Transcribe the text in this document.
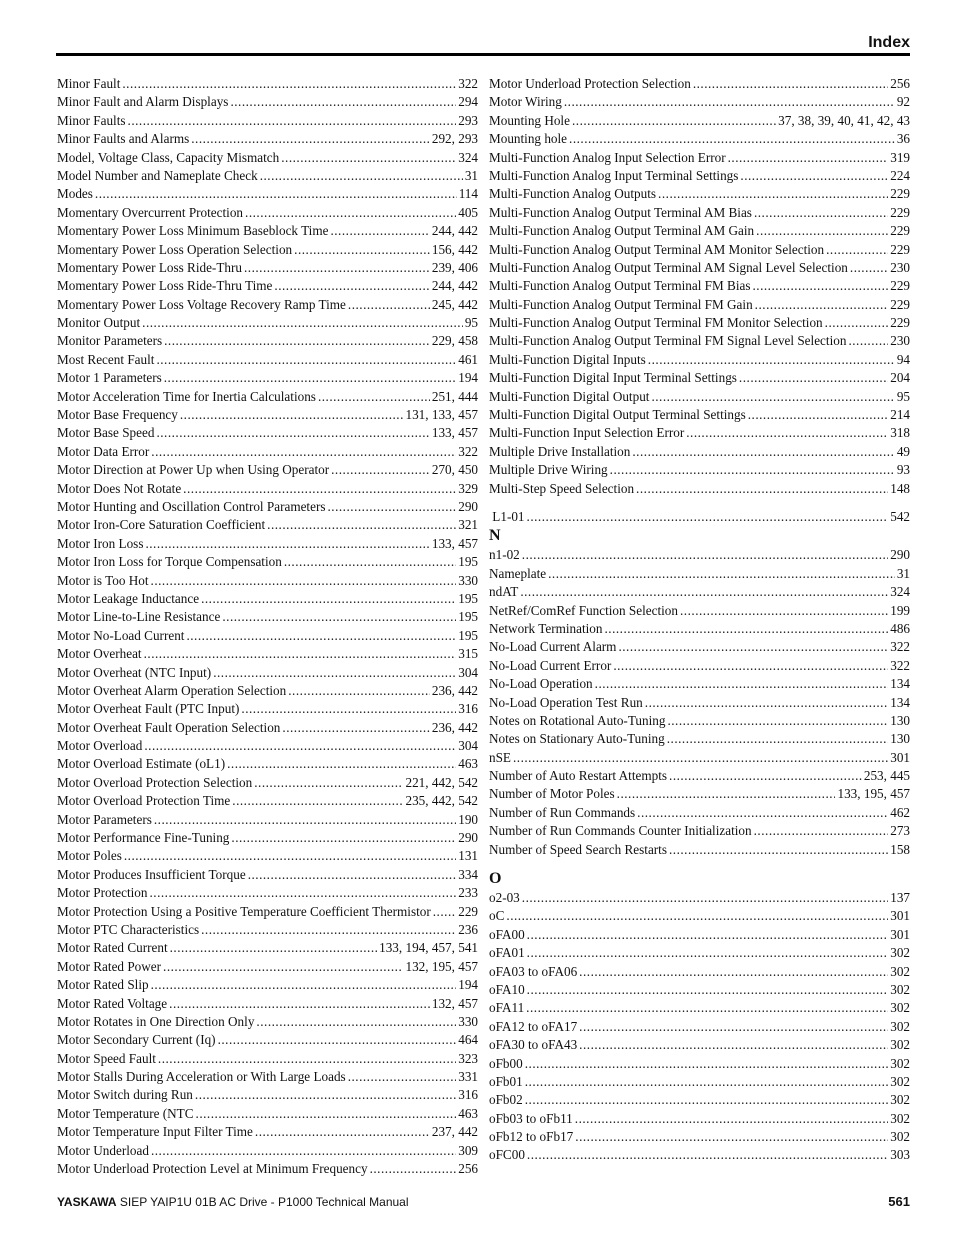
Index
Minor Fault .....	322
Minor Fault and Alarm Displays .....	294
Minor Faults .....	293
Minor Faults and Alarms .....	292, 293
Model, Voltage Class, Capacity Mismatch .....	324
Model Number and Nameplate Check .....	31
Modes .....	114
Momentary Overcurrent Protection .....	405
Momentary Power Loss Minimum Baseblock Time .....	244, 442
Momentary Power Loss Operation Selection .....	156, 442
Momentary Power Loss Ride-Thru .....	239, 406
Momentary Power Loss Ride-Thru Time .....	244, 442
Momentary Power Loss Voltage Recovery Ramp Time .....	245, 442
Monitor Output .....	95
Monitor Parameters .....	229, 458
Most Recent Fault .....	461
Motor 1 Parameters .....	194
Motor Acceleration Time for Inertia Calculations .....	251, 444
Motor Base Frequency .....	131, 133, 457
Motor Base Speed .....	133, 457
Motor Data Error .....	322
Motor Direction at Power Up when Using Operator .....	270, 450
Motor Does Not Rotate .....	329
Motor Hunting and Oscillation Control Parameters .....	290
Motor Iron-Core Saturation Coefficient .....	321
Motor Iron Loss .....	133, 457
Motor Iron Loss for Torque Compensation .....	195
Motor is Too Hot .....	330
Motor Leakage Inductance .....	195
Motor Line-to-Line Resistance .....	195
Motor No-Load Current .....	195
Motor Overheat .....	315
Motor Overheat (NTC Input) .....	304
Motor Overheat Alarm Operation Selection .....	236, 442
Motor Overheat Fault (PTC Input) .....	316
Motor Overheat Fault Operation Selection .....	236, 442
Motor Overload .....	304
Motor Overload Estimate (oL1) .....	463
Motor Overload Protection Selection .....	221, 442, 542
Motor Overload Protection Time .....	235, 442, 542
Motor Parameters .....	190
Motor Performance Fine-Tuning .....	290
Motor Poles .....	131
Motor Produces Insufficient Torque .....	334
Motor Protection .....	233
Motor Protection Using a Positive Temperature Coefficient Thermistor ..... 229
Motor PTC Characteristics .....	236
Motor Rated Current .....	133, 194, 457, 541
Motor Rated Power .....	132, 195, 457
Motor Rated Slip .....	194
Motor Rated Voltage .....	132, 457
Motor Rotates in One Direction Only .....	330
Motor Secondary Current (Iq) .....	464
Motor Speed Fault .....	323
Motor Stalls During Acceleration or With Large Loads .....	331
Motor Switch during Run .....	316
Motor Temperature (NTC .....	463
Motor Temperature Input Filter Time .....	237, 442
Motor Underload .....	309
Motor Underload Protection Level at Minimum Frequency .....	256
Motor Underload Protection Selection .....	256
Motor Wiring .....	92
Mounting Hole .....	37, 38, 39, 40, 41, 42, 43
Mounting hole .....	36
Multi-Function Analog Input Selection Error .....	319
Multi-Function Analog Input Terminal Settings .....	224
Multi-Function Analog Outputs .....	229
Multi-Function Analog Output Terminal AM Bias .....	229
Multi-Function Analog Output Terminal AM Gain .....	229
Multi-Function Analog Output Terminal AM Monitor Selection .....	229
Multi-Function Analog Output Terminal AM Signal Level Selection .....	230
Multi-Function Analog Output Terminal FM Bias .....	229
Multi-Function Analog Output Terminal FM Gain .....	229
Multi-Function Analog Output Terminal FM Monitor Selection .....	229
Multi-Function Analog Output Terminal FM Signal Level Selection .....	230
Multi-Function Digital Inputs .....	94
Multi-Function Digital Input Terminal Settings .....	204
Multi-Function Digital Output .....	95
Multi-Function Digital Output Terminal Settings .....	214
Multi-Function Input Selection Error .....	318
Multiple Drive Installation .....	49
Multiple Drive Wiring .....	93
Multi-Step Speed Selection .....	148
L1-01 .....	542
N
n1-02 .....	290
Nameplate .....	31
ndAT .....	324
NetRef/ComRef Function Selection .....	199
Network Termination .....	486
No-Load Current Alarm .....	322
No-Load Current Error .....	322
No-Load Operation .....	134
No-Load Operation Test Run .....	134
Notes on Rotational Auto-Tuning .....	130
Notes on Stationary Auto-Tuning .....	130
nSE .....	301
Number of Auto Restart Attempts .....	253, 445
Number of Motor Poles .....	133, 195, 457
Number of Run Commands .....	462
Number of Run Commands Counter Initialization .....	273
Number of Speed Search Restarts .....	158
O
o2-03 .....	137
oC .....	301
oFA00 .....	301
oFA01 .....	302
oFA03 to oFA06 .....	302
oFA10 .....	302
oFA11 .....	302
oFA12 to oFA17 .....	302
oFA30 to oFA43 .....	302
oFb00 .....	302
oFb01 .....	302
oFb02 .....	302
oFb03 to oFb11 .....	302
oFb12 to oFb17 .....	302
oFC00 .....	303
YASKAWA SIEP YAIP1U 01B AC Drive - P1000 Technical Manual	561
